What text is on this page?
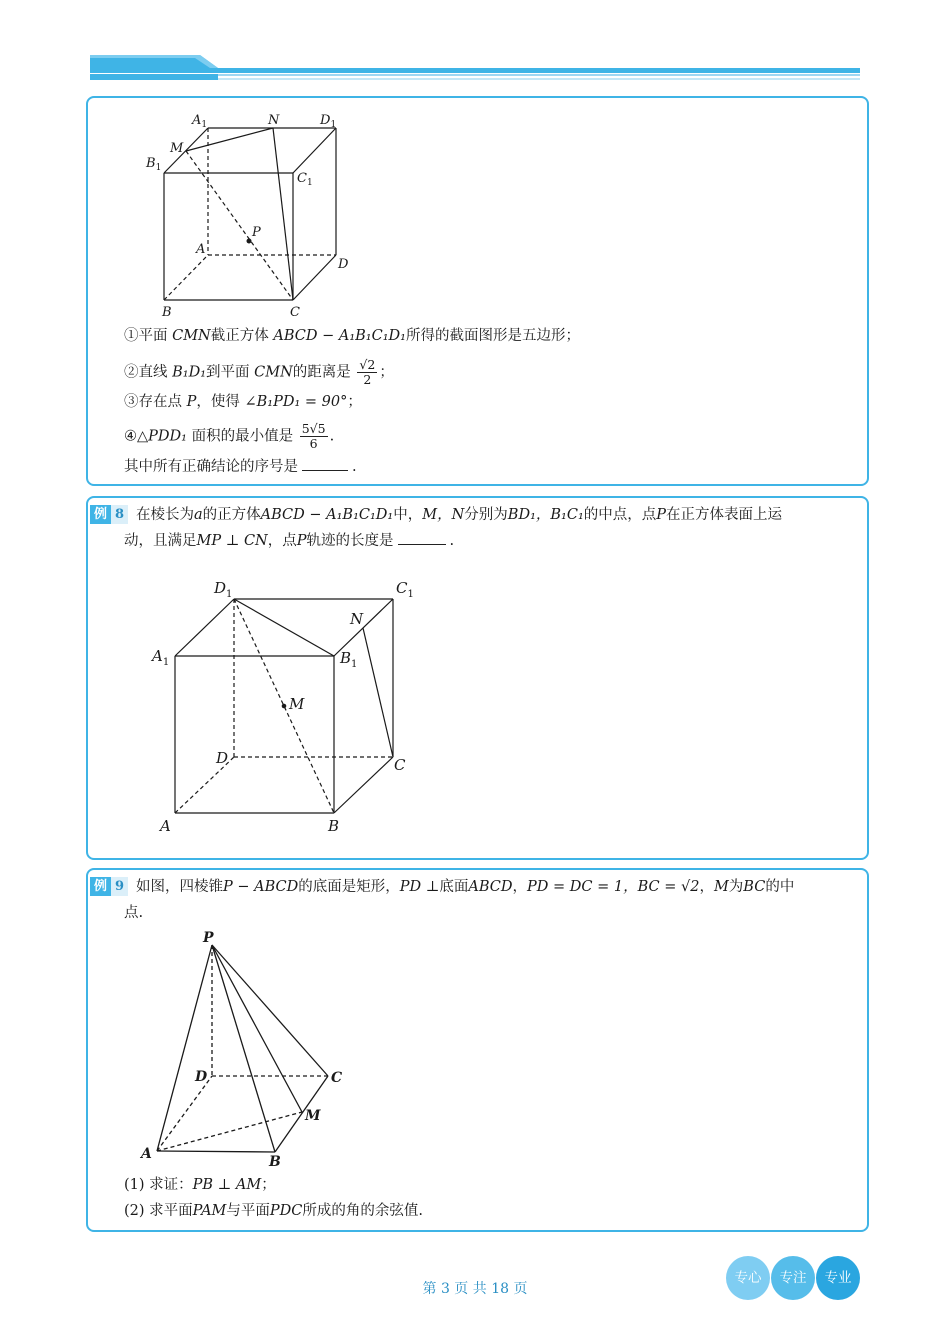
$A_1$	N	$D_1$
M
$B_1$
$C_1$
P
A
D
B	C
①平面 CMN截正方体 ABCD − A₁B₁C₁D₁所得的截面图形是五边形；
②直线 B₁D₁到平面 CMN的距离是 $\frac{√2}{2}$ ；
③存在点 P，使得 ∠B₁PD₁ = 90°；
④△PDD₁ 面积的最小值是 $\frac{5√5}{6}$ .
其中所有正确结论的序号是	.
例 8 在棱长为a的正方体ABCD − A₁B₁C₁D₁中，M，N分别为BD₁，B₁C₁的中点，点P在正方体表面上运
动，且满足MP ⊥ CN，点P轨迹的长度是	.
$D_1$	$C_1$
N
$A_1$	$B_1$
M
D	C
A	B
例 9 如图，四棱锥P − ABCD的底面是矩形，PD ⊥底面ABCD，PD = DC = 1，BC = √2，M为BC的中
点.
P
D	C
M
A	B
(1) 求证：PB ⊥ AM；
(2) 求平面PAM与平面PDC所成的角的余弦值.
第 3 页 共 18 页
专心	专注	专业
